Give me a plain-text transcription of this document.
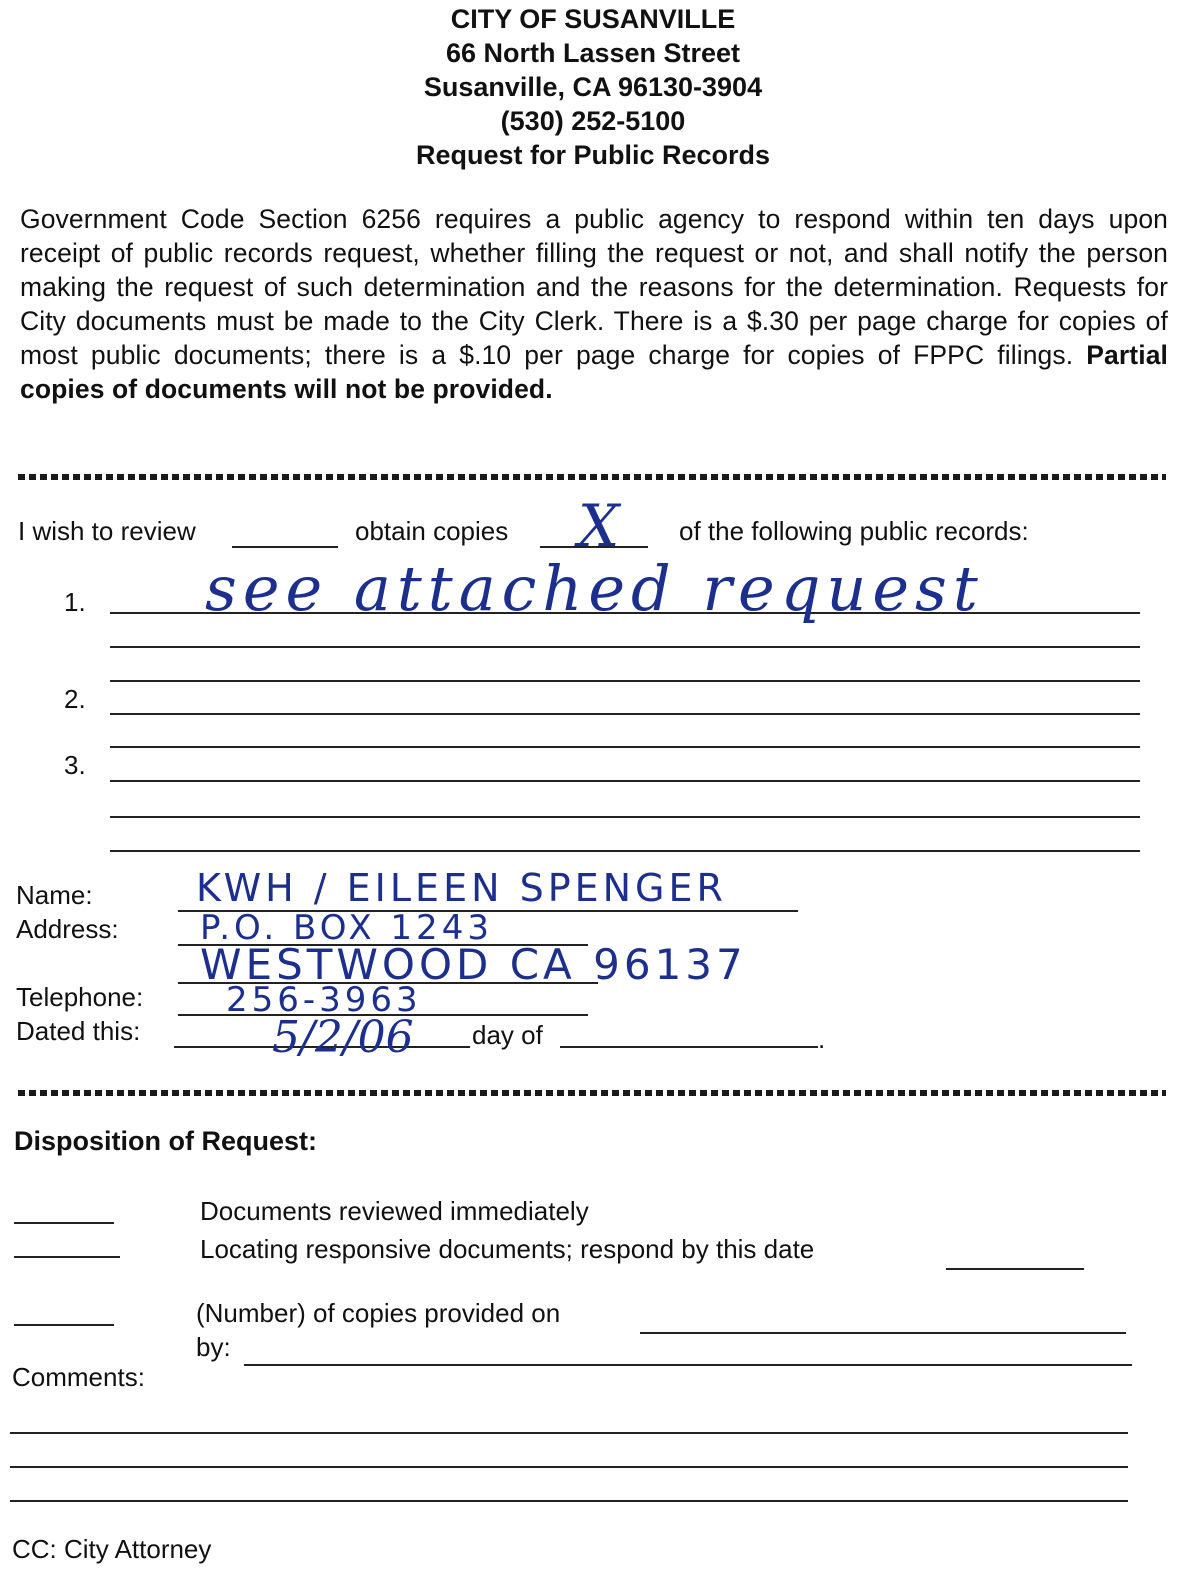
CITY OF SUSANVILLE
66 North Lassen Street
Susanville, CA 96130-3904
(530) 252-5100
Request for Public Records
Government Code Section 6256 requires a public agency to respond within ten days upon receipt of public records request, whether filling the request or not, and shall notify the person making the request of such determination and the reasons for the determination. Requests for City documents must be made to the City Clerk. There is a $.30 per page charge for copies of most public documents; there is a $.10 per page charge for copies of FPPC filings. Partial copies of documents will not be provided.
I wish to review	obtain copies X of the following public records:
1. see attached request
2.
3.
Name:	KWH / EILEEN SPENGER
Address: P.O. BOX 1243
WESTWOOD CA 96137
Telephone: 256-3963
Dated this:	5/2/06 day of	.
Disposition of Request:
Documents reviewed immediately
Locating responsive documents; respond by this date
(Number) of copies provided on
by:
Comments:
CC: City Attorney
